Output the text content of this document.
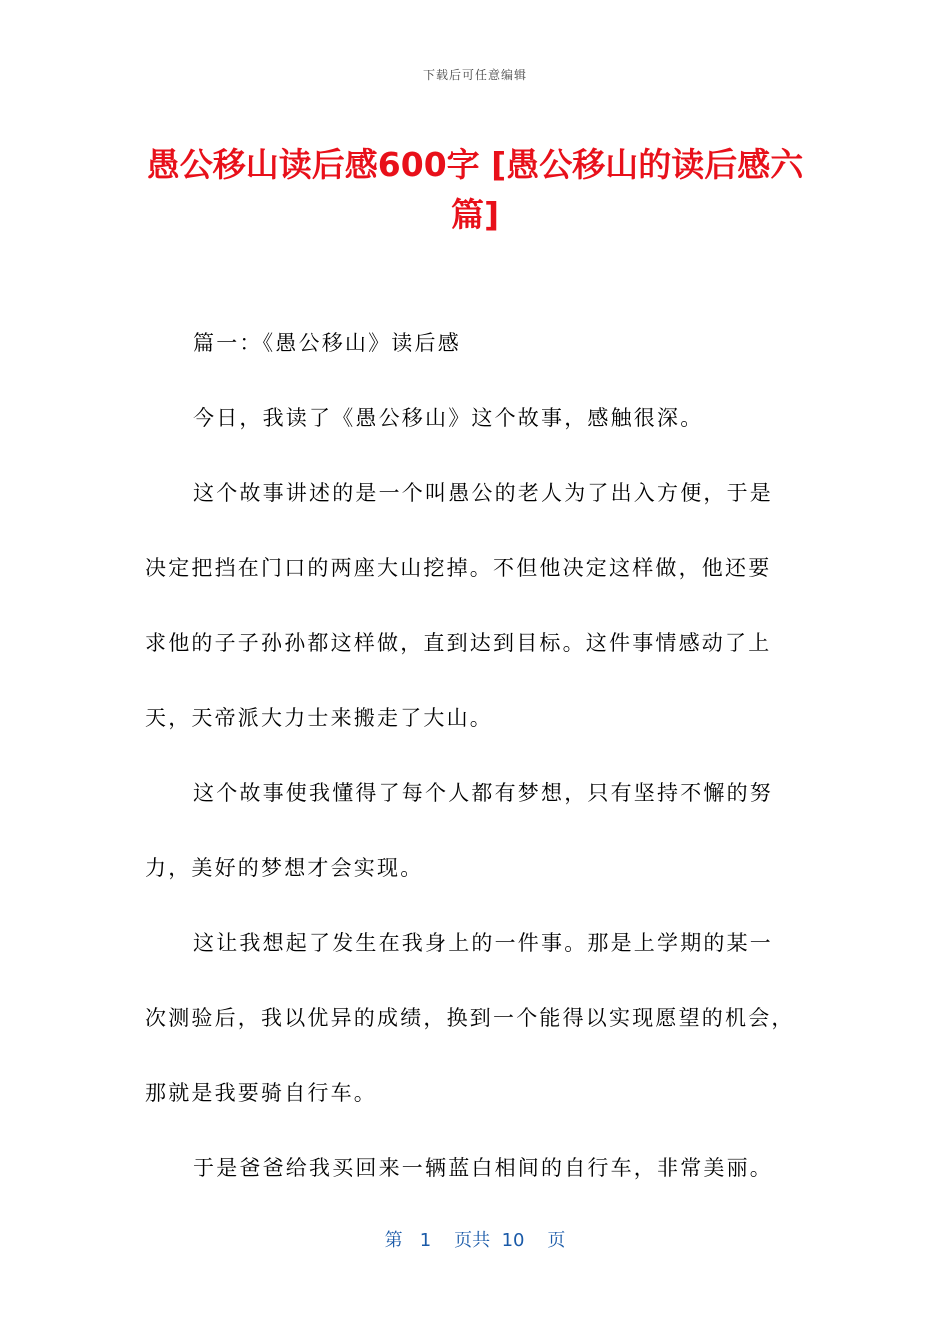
下载后可任意编辑
愚公移山读后感600字 [愚公移山的读后感六篇]
篇一：《愚公移山》读后感
今日，我读了《愚公移山》这个故事，感触很深。
这个故事讲述的是一个叫愚公的老人为了出入方便，于是
决定把挡在门口的两座大山挖掉。不但他决定这样做，他还要
求他的子子孙孙都这样做，直到达到目标。这件事情感动了上
天，天帝派大力士来搬走了大山。
这个故事使我懂得了每个人都有梦想，只有坚持不懈的努
力，美好的梦想才会实现。
这让我想起了发生在我身上的一件事。那是上学期的某一
次测验后，我以优异的成绩，换到一个能得以实现愿望的机会，
那就是我要骑自行车。
于是爸爸给我买回来一辆蓝白相间的自行车，非常美丽。
第 1 页共 10 页
